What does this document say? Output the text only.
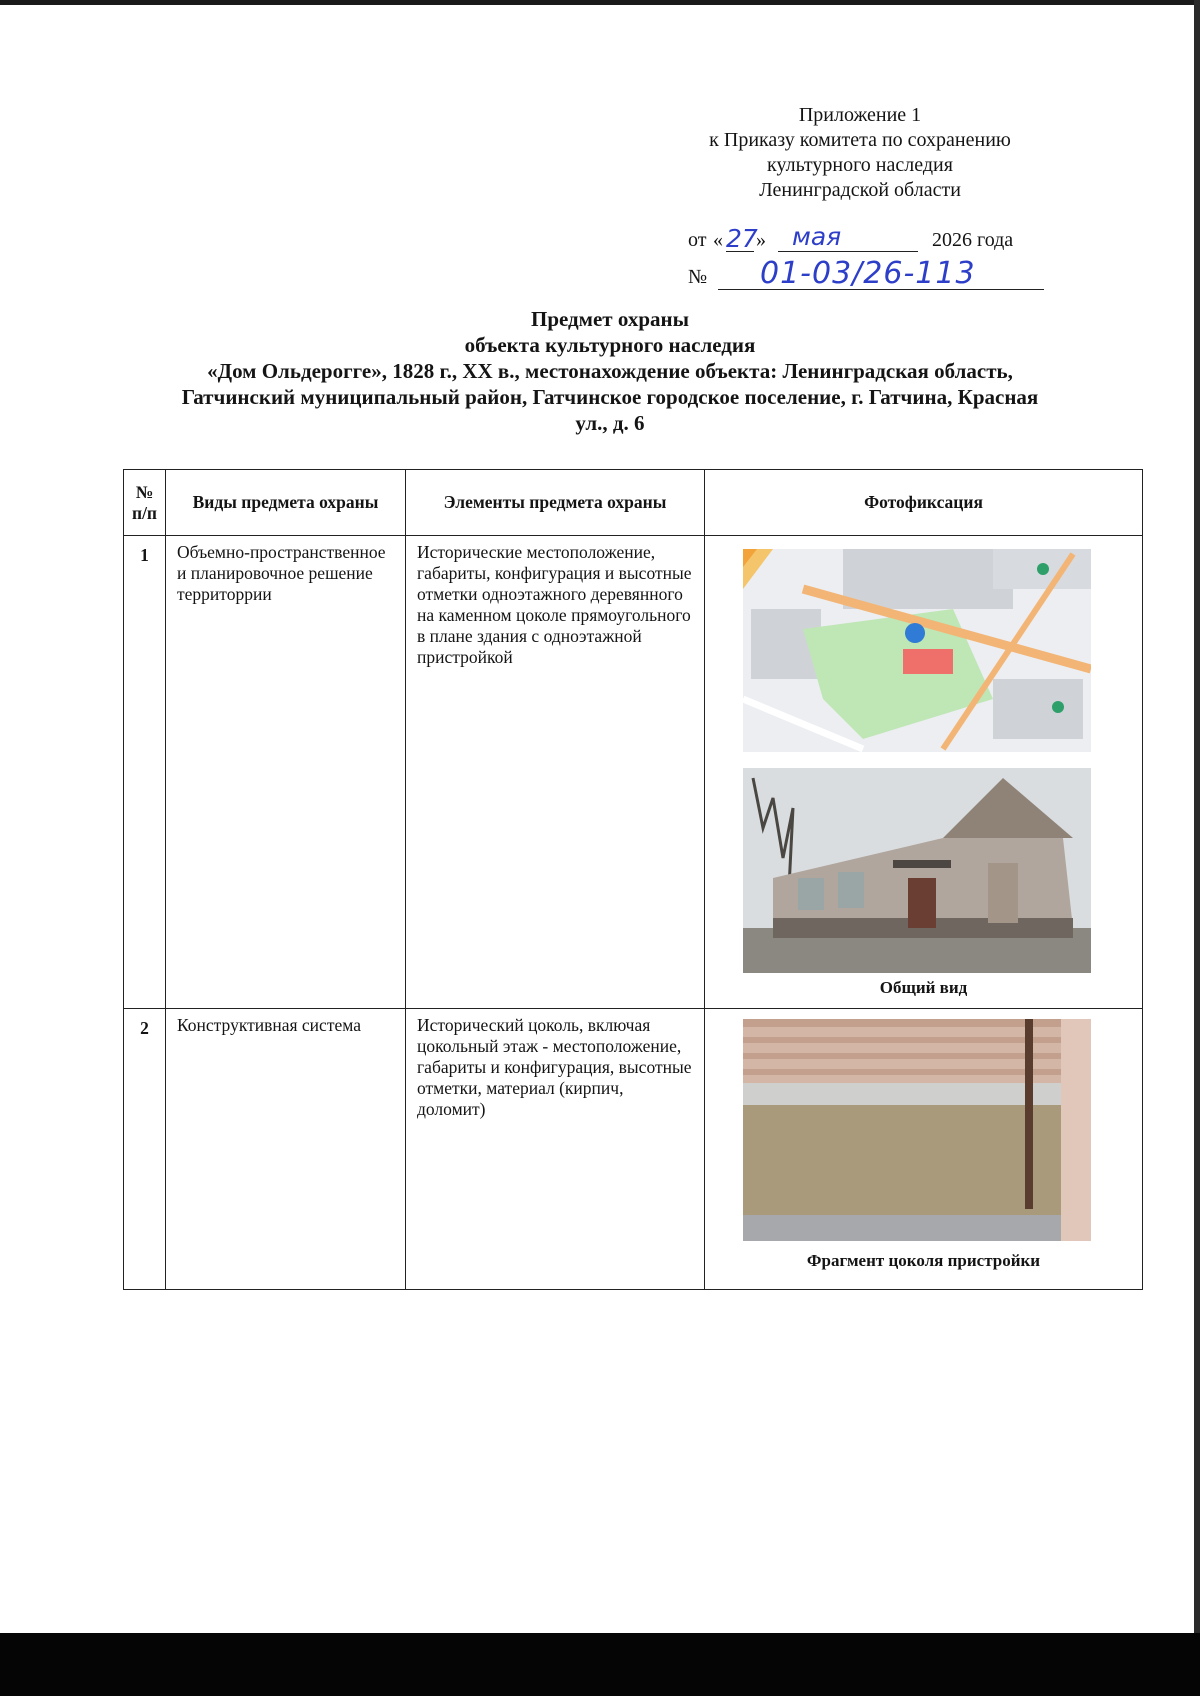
Приложение 1
к Приказу комитета по сохранению
культурного наследия
Ленинградской области
от « 27
» мая	2026 года
№ 01-03/26-113
Предмет охраны
объекта культурного наследия
«Дом Ольдерогге», 1828 г., XX в., местонахождение объекта: Ленинградская область,
Гатчинский муниципальный район, Гатчинское городское поселение, г. Гатчина, Красная
ул., д. 6
№ п/п	Виды предмета охраны	Элементы предмета охраны	Фотофиксация
1	Объемно-пространственное и планировочное решение территоррии	Исторические местоположение, габариты, конфигурация и высотные отметки одноэтажного деревянного на каменном цоколе прямоугольного в плане здания с одноэтажной пристройкой	Общий вид

2	Конструктивная система	Исторический цоколь, включая цокольный этаж - местоположение, габариты и конфигурация, высотные отметки, материал (кирпич, доломит)	Фрагмент цоколя пристройки
